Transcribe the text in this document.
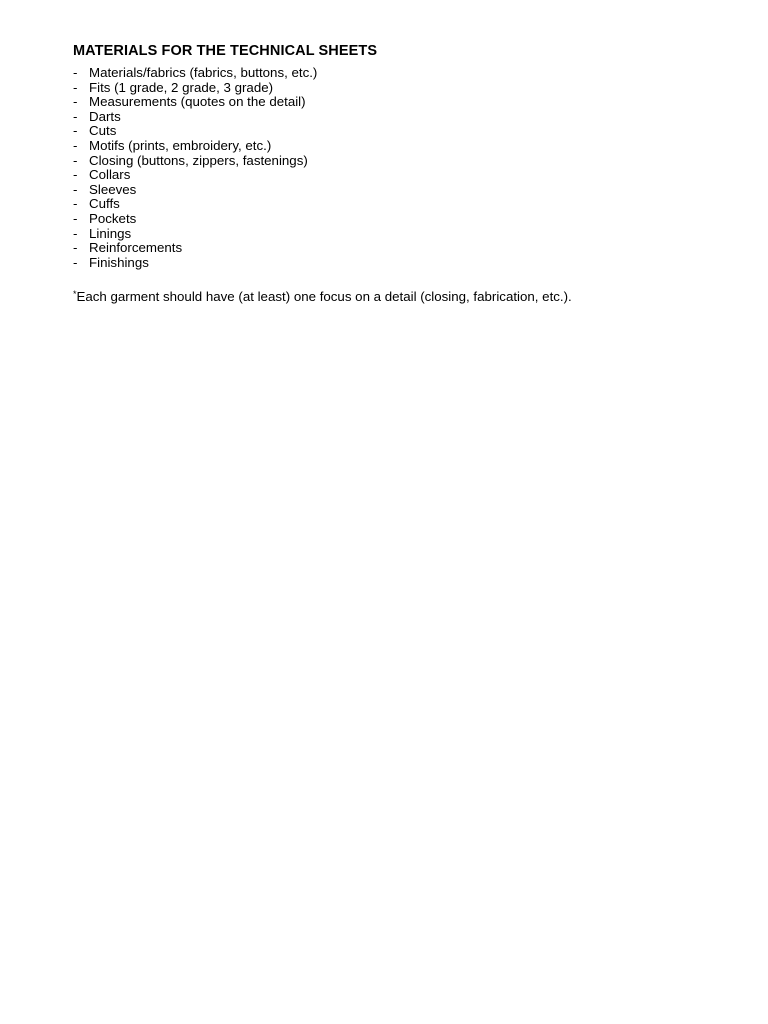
MATERIALS FOR THE TECHNICAL SHEETS
- Materials/fabrics (fabrics, buttons, etc.)
- Fits (1 grade, 2 grade, 3 grade)
- Measurements (quotes on the detail)
- Darts
- Cuts
- Motifs (prints, embroidery, etc.)
- Closing (buttons, zippers, fastenings)
- Collars
- Sleeves
- Cuffs
- Pockets
- Linings
- Reinforcements
- Finishings
*Each garment should have (at least) one focus on a detail (closing, fabrication, etc.).
